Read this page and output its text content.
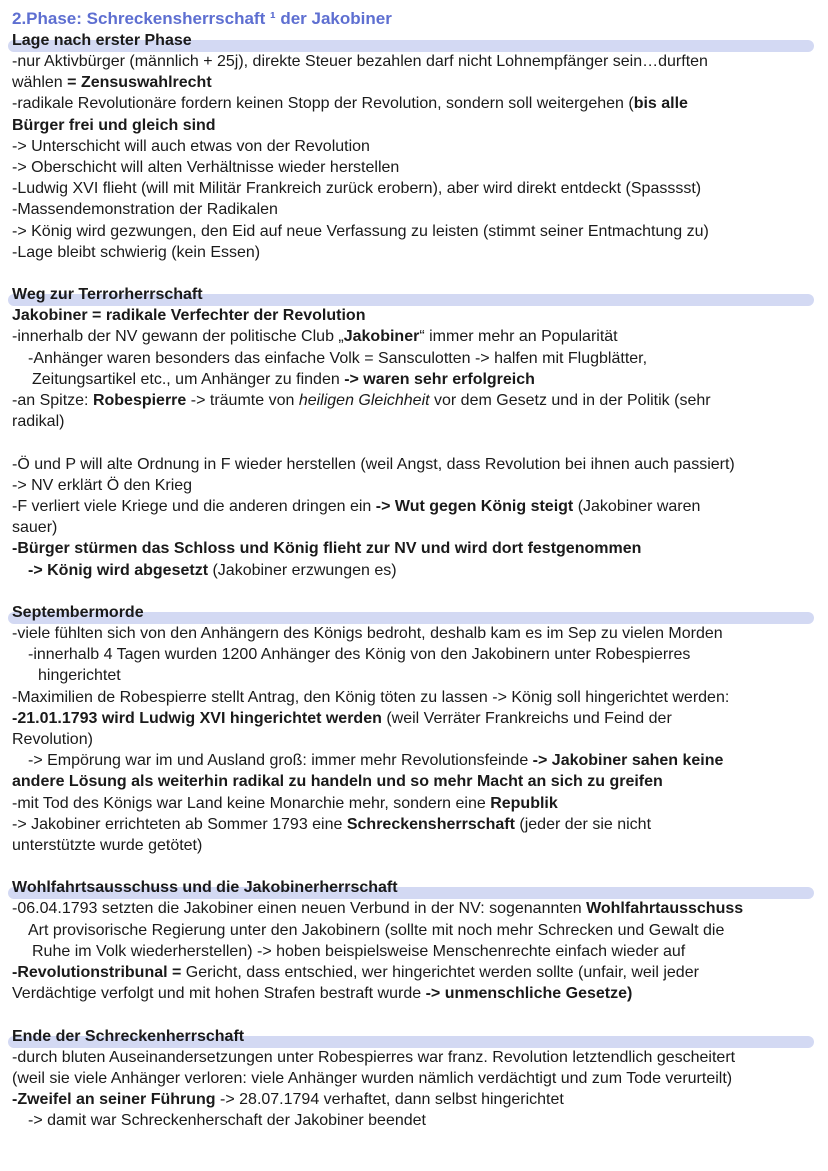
2.Phase: Schreckensherrschaft ¹ der Jakobiner
Lage nach erster Phase
-nur Aktivbürger (männlich + 25j), direkte Steuer bezahlen darf nicht Lohnempfänger sein…durften
wählen = Zensuswahlrecht
-radikale Revolutionäre fordern keinen Stopp der Revolution, sondern soll weitergehen (bis alle
Bürger frei und gleich sind
-> Unterschicht will auch etwas von der Revolution
-> Oberschicht will alten Verhältnisse wieder herstellen
-Ludwig XVI flieht (will mit Militär Frankreich zurück erobern), aber wird direkt entdeckt (Spasssst)
-Massendemonstration der Radikalen
-> König wird gezwungen, den Eid auf neue Verfassung zu leisten (stimmt seiner Entmachtung zu)
-Lage bleibt schwierig (kein Essen)
Weg zur Terrorherrschaft
Jakobiner = radikale Verfechter der Revolution
-innerhalb der NV gewann der politische Club „Jakobiner“ immer mehr an Popularität
-Anhänger waren besonders das einfache Volk = Sansculotten -> halfen mit Flugblätter,
Zeitungsartikel etc., um Anhänger zu finden -> waren sehr erfolgreich
-an Spitze: Robespierre -> träumte von heiligen Gleichheit vor dem Gesetz und in der Politik (sehr
radikal)
-Ö und P will alte Ordnung in F wieder herstellen (weil Angst, dass Revolution bei ihnen auch passiert)
-> NV erklärt Ö den Krieg
-F verliert viele Kriege und die anderen dringen ein -> Wut gegen König steigt (Jakobiner waren
sauer)
-Bürger stürmen das Schloss und König flieht zur NV und wird dort festgenommen
-> König wird abgesetzt (Jakobiner erzwungen es)
Septembermorde
-viele fühlten sich von den Anhängern des Königs bedroht, deshalb kam es im Sep zu vielen Morden
-innerhalb 4 Tagen wurden 1200 Anhänger des König von den Jakobinern unter Robespierres
hingerichtet
-Maximilien de Robespierre stellt Antrag, den König töten zu lassen -> König soll hingerichtet werden:
-21.01.1793 wird Ludwig XVI hingerichtet werden (weil Verräter Frankreichs und Feind der
Revolution)
-> Empörung war im und Ausland groß: immer mehr Revolutionsfeinde -> Jakobiner sahen keine
andere Lösung als weiterhin radikal zu handeln und so mehr Macht an sich zu greifen
-mit Tod des Königs war Land keine Monarchie mehr, sondern eine Republik
-> Jakobiner errichteten ab Sommer 1793 eine Schreckensherrschaft (jeder der sie nicht
unterstützte wurde getötet)
Wohlfahrtsausschuss und die Jakobinerherrschaft
-06.04.1793 setzten die Jakobiner einen neuen Verbund in der NV: sogenannten Wohlfahrtausschuss
Art provisorische Regierung unter den Jakobinern (sollte mit noch mehr Schrecken und Gewalt die
Ruhe im Volk wiederherstellen) -> hoben beispielsweise Menschenrechte einfach wieder auf
-Revolutionstribunal = Gericht, dass entschied, wer hingerichtet werden sollte (unfair, weil jeder
Verdächtige verfolgt und mit hohen Strafen bestraft wurde -> unmenschliche Gesetze)
Ende der Schreckenherrschaft
-durch bluten Auseinandersetzungen unter Robespierres war franz. Revolution letztendlich gescheitert
(weil sie viele Anhänger verloren: viele Anhänger wurden nämlich verdächtigt und zum Tode verurteilt)
-Zweifel an seiner Führung -> 28.07.1794 verhaftet, dann selbst hingerichtet
-> damit war Schreckenherschaft der Jakobiner beendet
